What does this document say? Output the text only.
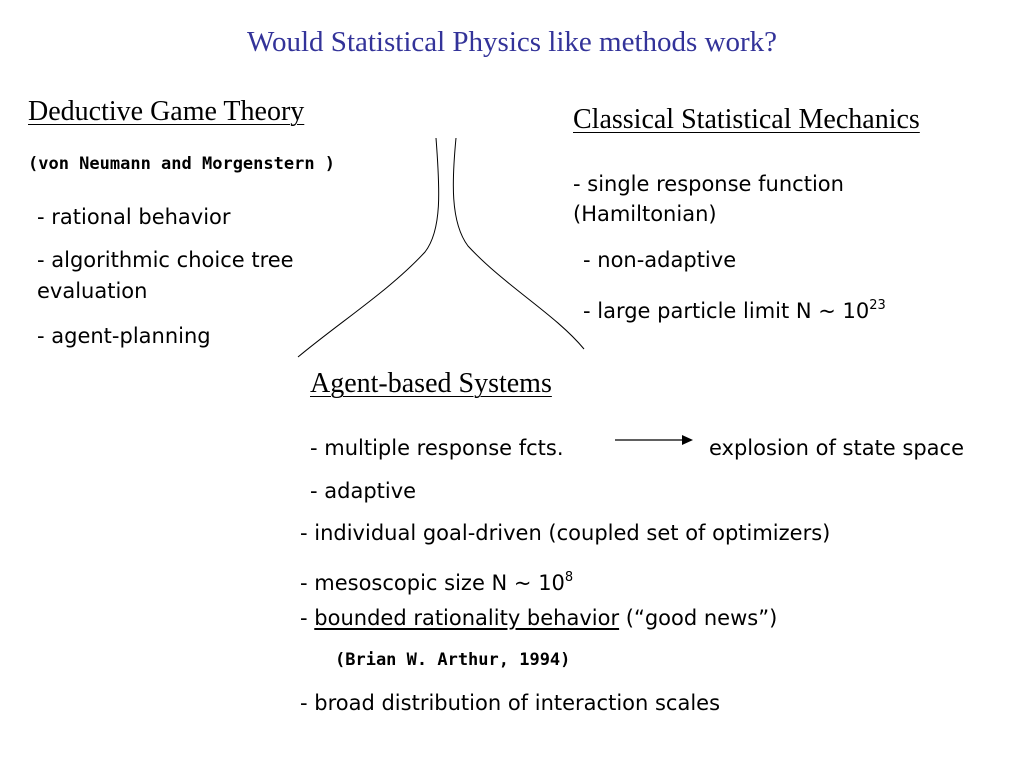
Would Statistical Physics like methods work?
Deductive Game Theory
(von Neumann and Morgenstern )
- rational behavior
- algorithmic choice tree
evaluation
- agent-planning
Classical Statistical Mechanics
- single response function
(Hamiltonian)
- non-adaptive
- large particle limit N ~ $10^{23}$
Agent-based Systems
- multiple response fcts.	explosion of state space
- adaptive
- individual goal-driven (coupled set of optimizers)
- mesoscopic size N ~ $10^8$
- bounded rationality behavior (“good news”)
(Brian W. Arthur, 1994)
- broad distribution of interaction scales
